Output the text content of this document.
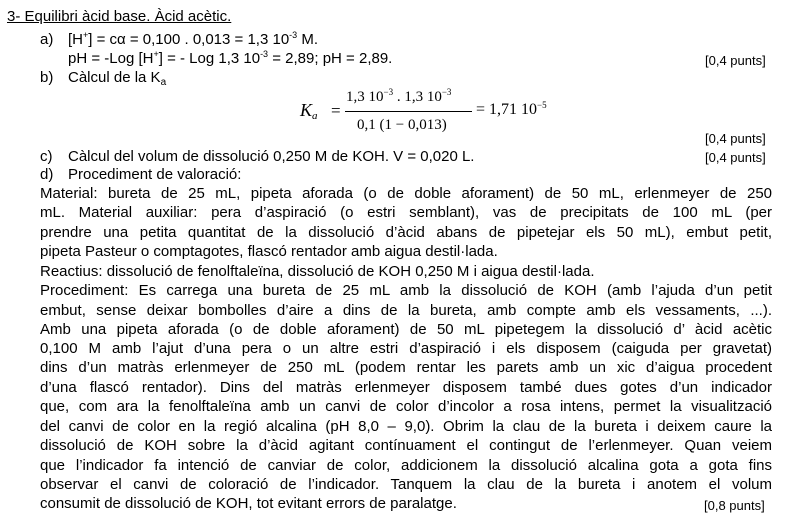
3- Equilibri àcid base. Àcid acètic.
a) [H+] = cα = 0,100 . 0,013 = 1,3 $10^{-3}$ M.
pH = -Log [H+] = - Log 1,3 $10^{-3} = 2,89$; pH = 2,89.	[0,4 punts]
b) Càlcul de la $K_a$
$K_a$ =
1,3 $10^{-3}$ . 1,3 $10^{-3}$
0,1 (1 − 0,013)
= 1,71 $10^{-5}$
[0,4 punts]
c) Càlcul del volum de dissolució 0,250 M de KOH. V = 0,020 L.	[0,4 punts]
d) Procediment de valoració:
Material: bureta de 25 mL, pipeta aforada (o de doble aforament) de 50 mL, erlenmeyer de 250
mL. Material auxiliar: pera d’aspiració (o estri semblant), vas de precipitats de 100 mL (per
prendre una petita quantitat de la dissolució d’àcid abans de pipetejar els 50 mL), embut petit,
pipeta Pasteur o comptagotes, flascó rentador amb aigua destil·lada.
Reactius: dissolució de fenolftaleïna, dissolució de KOH 0,250 M i aigua destil·lada.
Procediment: Es carrega una bureta de 25 mL amb la dissolució de KOH (amb l’ajuda d’un petit
embut, sense deixar bombolles d’aire a dins de la bureta, amb compte amb els vessaments, ...).
Amb una pipeta aforada (o de doble aforament) de 50 mL pipetegem la dissolució d’ àcid acètic
0,100 M amb l’ajut d’una pera o un altre estri d’aspiració i els disposem (caiguda per gravetat)
dins d’un matràs erlenmeyer de 250 mL (podem rentar les parets amb un xic d’aigua procedent
d’una flascó rentador). Dins del matràs erlenmeyer disposem també dues gotes d’un indicador
que, com ara la fenolftaleïna amb un canvi de color d’incolor a rosa intens, permet la visualització
del canvi de color en la regió alcalina (pH 8,0 – 9,0). Obrim la clau de la bureta i deixem caure la
dissolució de KOH sobre la d’àcid agitant contínuament el contingut de l’erlenmeyer. Quan veiem
que l’indicador fa intenció de canviar de color, addicionem la dissolució alcalina gota a gota fins
observar el canvi de coloració de l’indicador. Tanquem la clau de la bureta i anotem el volum
consumit de dissolució de KOH, tot evitant errors de paralatge.	[0,8 punts]
